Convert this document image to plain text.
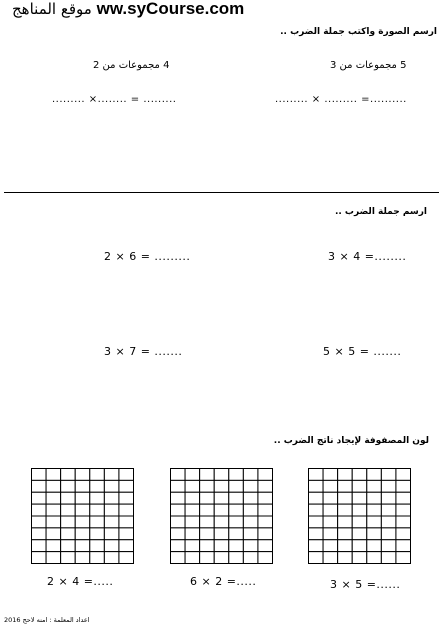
موقع المناهج ww.syCourse.com
ارسم الصورة واكتب جملة الضرب ..
5 مجموعات من 3
4 مجموعات من 2
......... × ......... =..........
......... ×........ = .........
ارسم جملة الضرب ..
3 × 4 =........
2 × 6 = .........
5 × 5 = .......
3 × 7 = .......
لون المصفوفة لإيجاد ناتج الضرب ..
3 × 5 =......
6 × 2 =.....
2 × 4 =.....
اعداد المعلمة : امنه لاحج 2016
